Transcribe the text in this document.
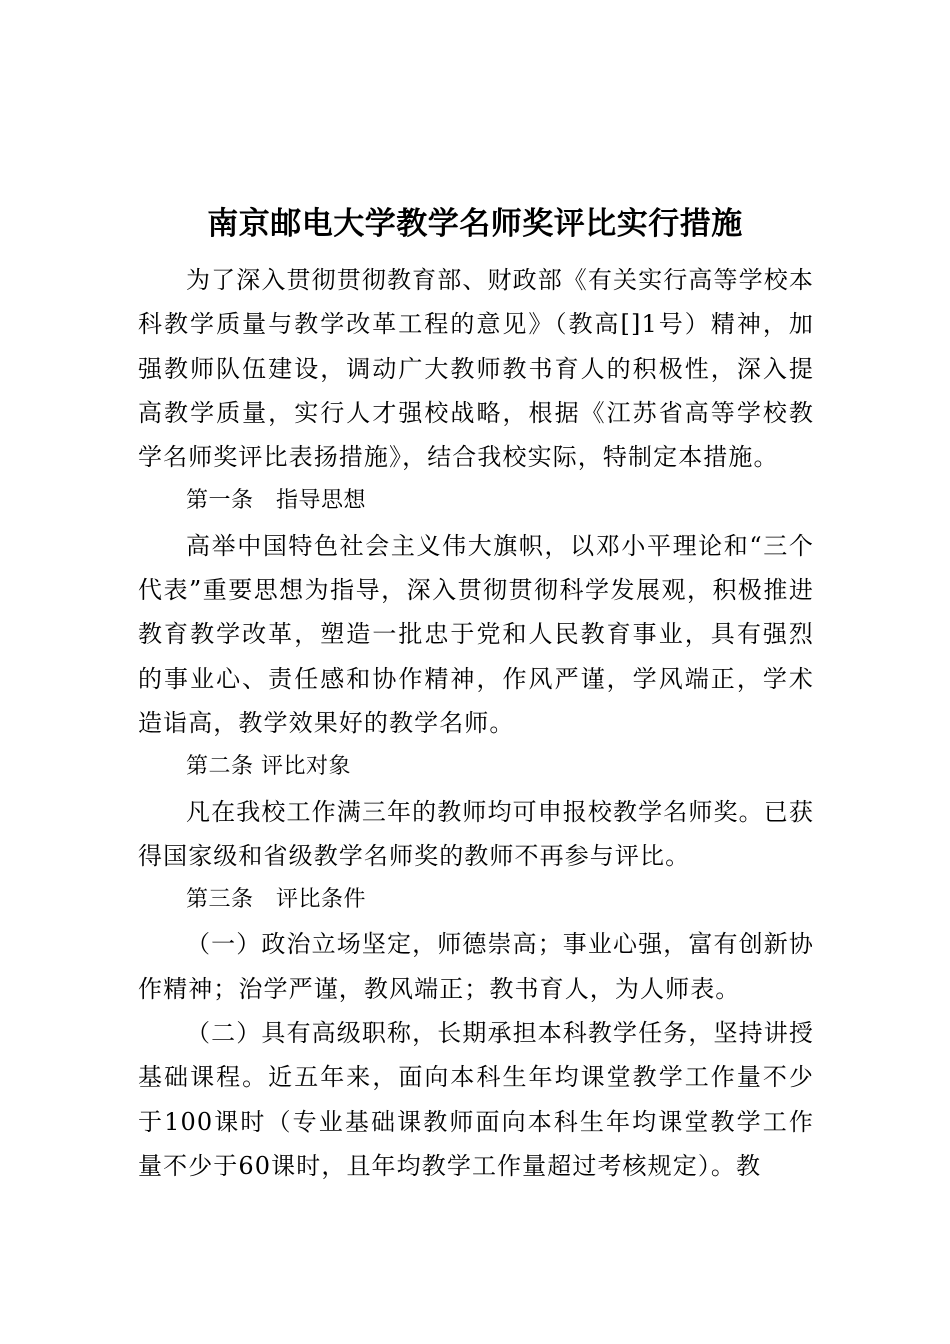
南京邮电大学教学名师奖评比实行措施

为了深入贯彻贯彻教育部、财政部《有关实行高等学校本科教学质量与教学改革工程的意见》（教高[]1号）精神，加强教师队伍建设，调动广大教师教书育人的积极性，深入提高教学质量，实行人才强校战略，根据《江苏省高等学校教学名师奖评比表扬措施》，结合我校实际，特制定本措施。

第一条　指导思想

高举中国特色社会主义伟大旗帜，以邓小平理论和“三个代表”重要思想为指导，深入贯彻贯彻科学发展观，积极推进教育教学改革，塑造一批忠于党和人民教育事业，具有强烈的事业心、责任感和协作精神，作风严谨，学风端正，学术造诣高，教学效果好的教学名师。

第二条 评比对象

凡在我校工作满三年的教师均可申报校教学名师奖。已获得国家级和省级教学名师奖的教师不再参与评比。

第三条　评比条件

（一）政治立场坚定，师德崇高；事业心强，富有创新协作精神；治学严谨，教风端正；教书育人，为人师表。

（二）具有高级职称，长期承担本科教学任务，坚持讲授基础课程。近五年来，面向本科生年均课堂教学工作量不少于100课时（专业基础课教师面向本科生年均课堂教学工作量不少于60课时，且年均教学工作量超过考核规定）。教
